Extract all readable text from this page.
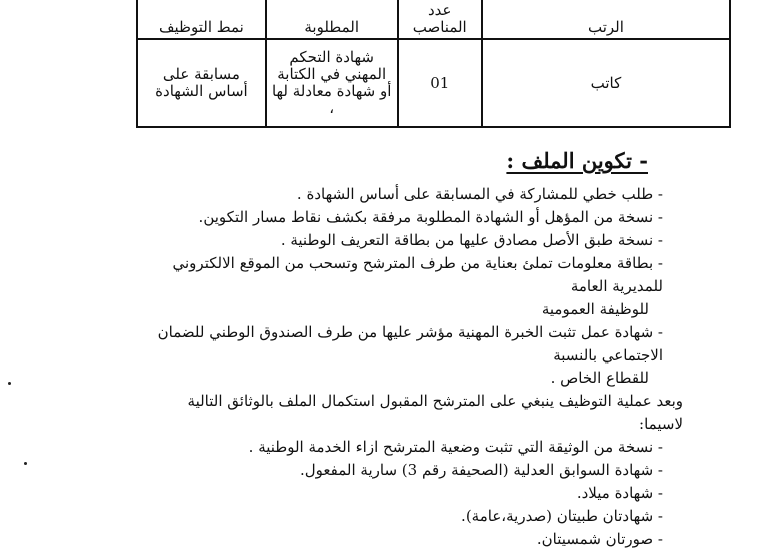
الرتب	عدد المناصب	المطلوبة	نمط التوظيف
كاتب	01	شهادة التحكم المهني في الكتابة أو شهادة معادلة لها ،	مسابقة على أساس الشهادة
- تكوين الملف :
- طلب خطي للمشاركة في المسابقة على أساس الشهادة .
- نسخة من المؤهل أو الشهادة المطلوبة مرفقة بكشف نقاط مسار التكوين.
- نسخة طبق الأصل مصادق عليها من بطاقة التعريف الوطنية .
- بطاقة معلومات تملئ بعناية من طرف المترشح وتسحب من الموقع الالكتروني للمديرية العامة
للوظيفة العمومية
- شهادة عمل تثبت الخبرة المهنية مؤشر عليها من طرف الصندوق الوطني للضمان الاجتماعي بالنسبة
للقطاع الخاص .
وبعد عملية التوظيف ينبغي على المترشح المقبول استكمال الملف بالوثائق التالية لاسيما:
- نسخة من الوثيقة التي تثبت وضعية المترشح ازاء الخدمة الوطنية .
- شهادة السوابق العدلية (الصحيفة رقم 3) سارية المفعول.
- شهادة ميلاد.
- شهادتان طبيتان (صدرية،عامة).
- صورتان شمسيتان.
